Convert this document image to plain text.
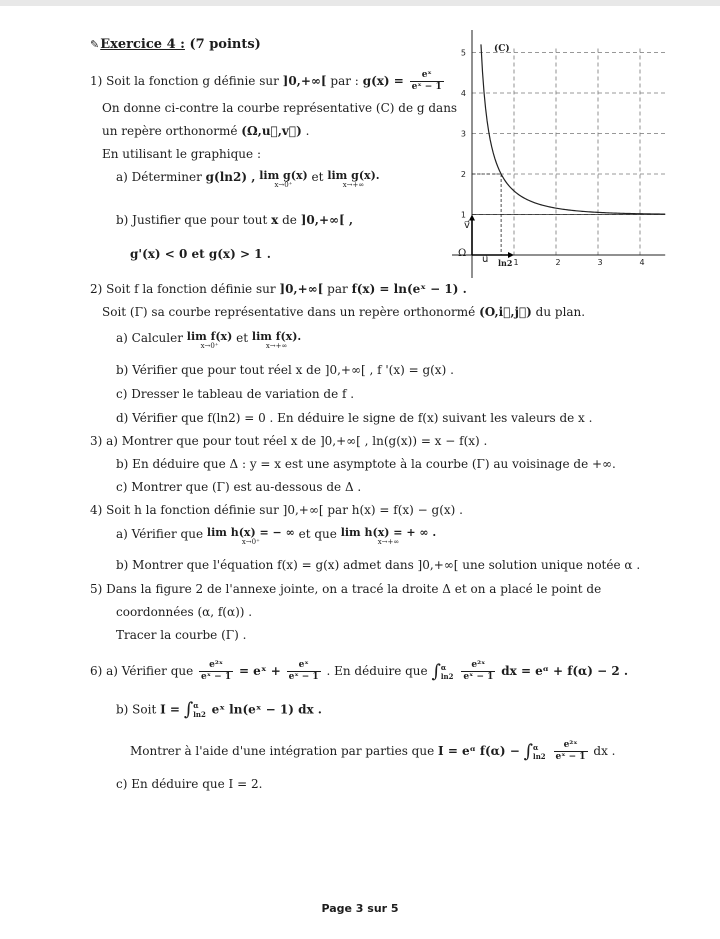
✎Exercice 4 : (7 points)
1) Soit la fonction g définie sur ]0,+∞[ par : $g(x) = \frac{\text{eˣ}}{\text{eˣ − 1}}$
On donne ci-contre la courbe représentative (C) de g dans
un repère orthonormé (Ω,u⃗,v⃗) .
En utilisant le graphique :
a) Déterminer g(ln2) , lim g(x)
x→0⁺
et lim g(x).
x→+∞
b) Justifier que pour tout x de ]0,+∞[ ,
g'(x) < 0 et g(x) > 1 .
1
2
3
4
5
1	2	3	4
(C)
Ω
u⃗
v⃗
ln2
2) Soit f la fonction définie sur ]0,+∞[ par f(x) = ln(eˣ − 1) .
Soit (Γ) sa courbe représentative dans un repère orthonormé (O,i⃗,j⃗) du plan.
a) Calculer lim f(x)
x→0⁺
et lim f(x).
x→+∞
b) Vérifier que pour tout réel x de ]0,+∞[ , f '(x) = g(x) .
c) Dresser le tableau de variation de f .
d) Vérifier que f(ln2) = 0 . En déduire le signe de f(x) suivant les valeurs de x .
3) a) Montrer que pour tout réel x de ]0,+∞[ , ln(g(x)) = x − f(x) .
b) En déduire que Δ : y = x est une asymptote à la courbe (Γ) au voisinage de +∞.
c) Montrer que (Γ) est au-dessous de Δ .
4) Soit h la fonction définie sur ]0,+∞[ par h(x) = f(x) − g(x) .
a) Vérifier que lim h(x) = − ∞
x→0⁺
et que lim h(x) = + ∞ .
x→+∞
b) Montrer que l'équation f(x) = g(x) admet dans ]0,+∞[ une solution unique notée α .
5) Dans la figure 2 de l'annexe jointe, on a tracé la droite Δ et on a placé le point de
coordonnées (α, f(α)) .
Tracer la courbe (Γ) .
6) a) Vérifier que $\frac{\text{e²ˣ}}{\text{eˣ − 1}}$ = eˣ + $\frac{\text{eˣ}}{\text{eˣ − 1}}$ . En déduire que ∫ α
ln2
$\frac{\text{e²ˣ}}{\text{eˣ − 1}}$ dx = eᵅ + f(α) − 2 .
b) Soit I = ∫ α
ln2 eˣ ln(eˣ − 1) dx .
Montrer à l'aide d'une intégration par parties que I = eᵅ f(α) − ∫ α
ln2
$\frac{\text{e²ˣ}}{\text{eˣ − 1}}$ dx .
c) En déduire que I = 2.
Page 3 sur 5
